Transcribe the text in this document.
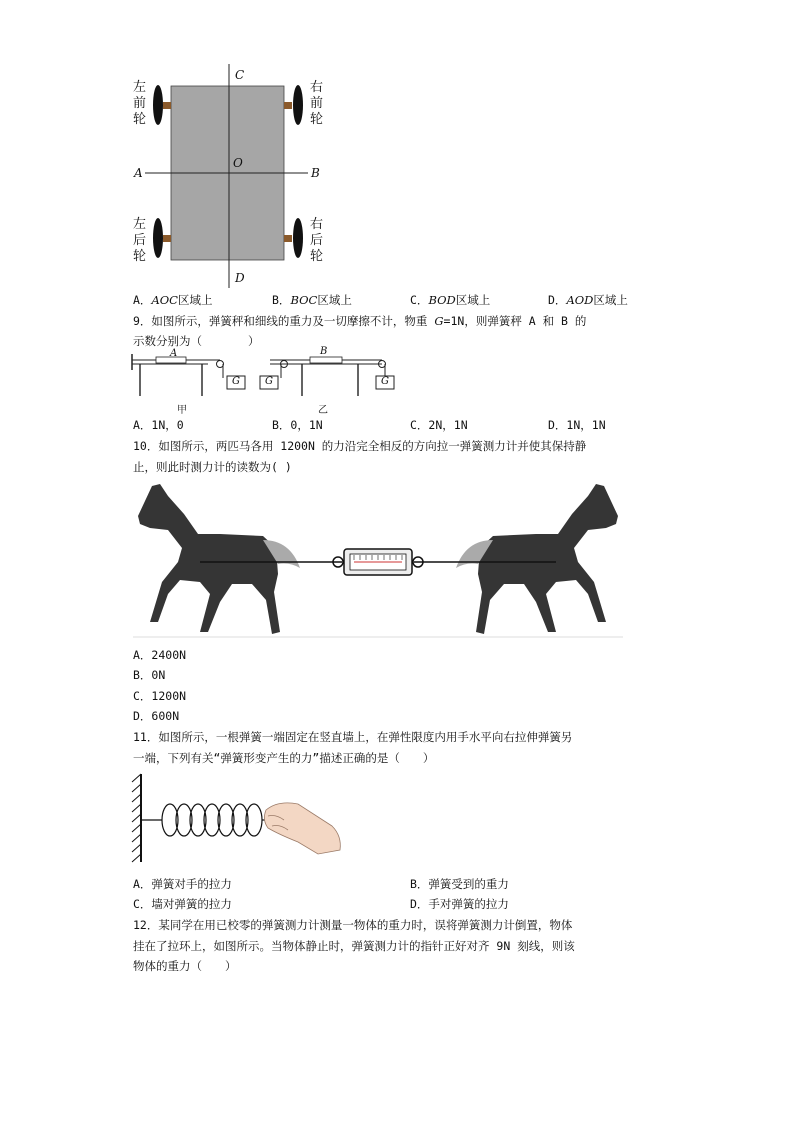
左前轮
右前轮
左后轮
右后轮
C
O
A	B
D
A．AOC区域上	B．BOC区域上	C．BOD区域上	D．AOD区域上
9．如图所示，弹簧秤和细线的重力及一切摩擦不计，物重 G=1N，则弹簧秤 A 和 B 的
示数分别为（　　　　）
A	B
G	G	G
甲	乙
A．1N，0	B．0，1N	C．2N，1N	D．1N，1N
10．如图所示，两匹马各用 1200N 的力沿完全相反的方向拉一弹簧测力计并使其保持静
止，则此时测力计的读数为( )
A．2400N
B．0N
C．1200N
D．600N
11．如图所示，一根弹簧一端固定在竖直墙上，在弹性限度内用手水平向右拉伸弹簧另
一端，下列有关“弹簧形变产生的力”描述正确的是（　　）
A．弹簧对手的拉力	B．弹簧受到的重力
C．墙对弹簧的拉力	D．手对弹簧的拉力
12．某同学在用已校零的弹簧测力计测量一物体的重力时，误将弹簧测力计倒置，物体
挂在了拉环上，如图所示。当物体静止时，弹簧测力计的指针正好对齐 9N 刻线，则该
物体的重力（　　）
